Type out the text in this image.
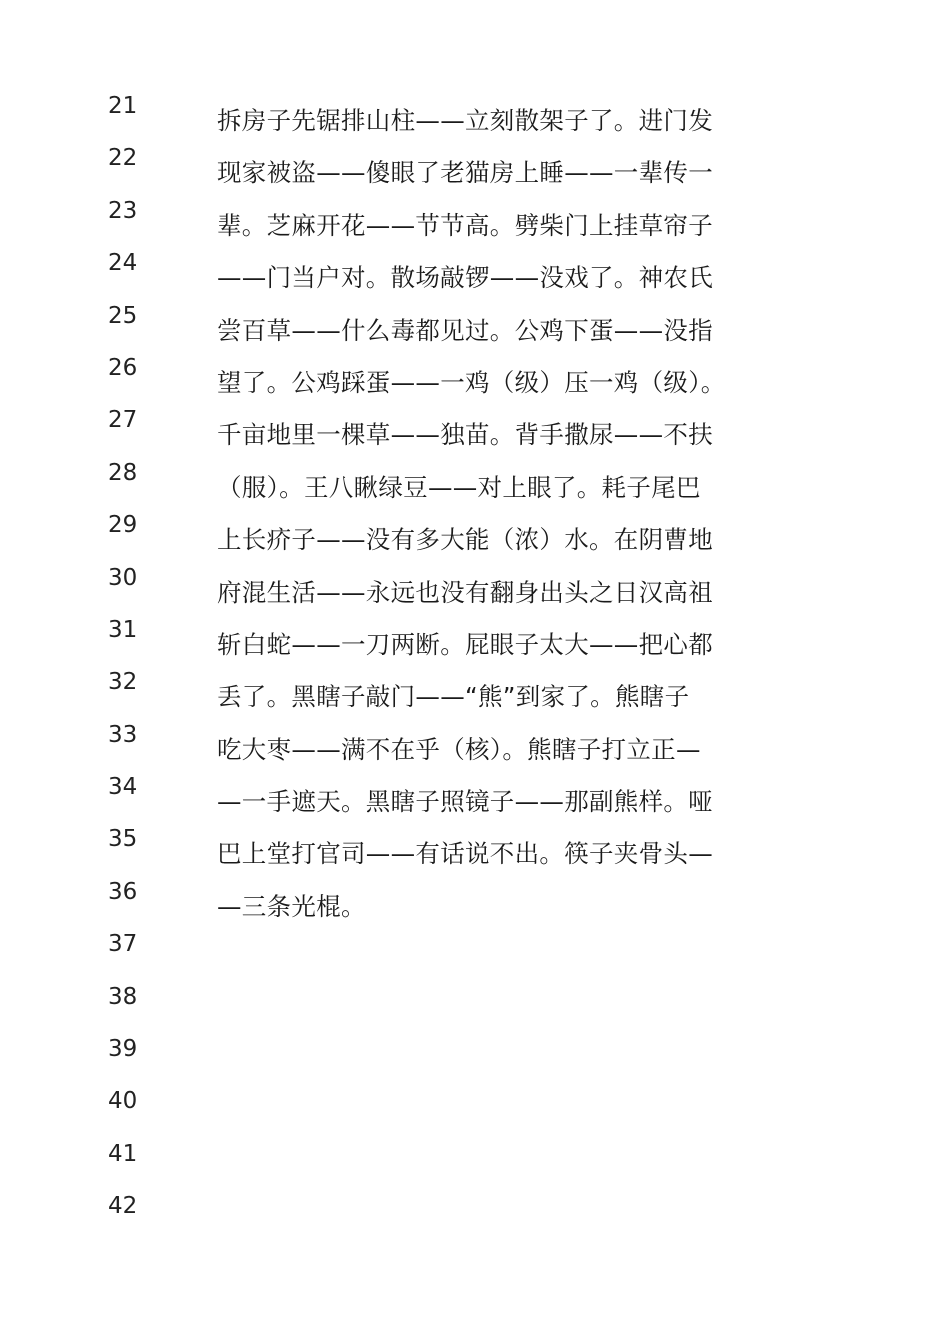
21
22
23
24
25
26
27
28
29
30
31
32
33
34
35
36
37
38
39
40
41
42
拆房子先锯排山柱——立刻散架子了。进门发
现家被盗——傻眼了老猫房上睡——一辈传一
辈。芝麻开花——节节高。劈柴门上挂草帘子
——门当户对。散场敲锣——没戏了。神农氏
尝百草——什么毒都见过。公鸡下蛋——没指
望了。公鸡踩蛋——一鸡（级）压一鸡（级）。
千亩地里一棵草——独苗。背手撒尿——不扶
（服）。王八瞅绿豆——对上眼了。耗子尾巴
上长疥子——没有多大能（浓）水。在阴曹地
府混生活——永远也没有翻身出头之日汉高祖
斩白蛇——一刀两断。屁眼子太大——把心都
丢了。黑瞎子敲门——“熊”到家了。熊瞎子
吃大枣——满不在乎（核）。熊瞎子打立正—
—一手遮天。黑瞎子照镜子——那副熊样。哑
巴上堂打官司——有话说不出。筷子夹骨头—
—三条光棍。
